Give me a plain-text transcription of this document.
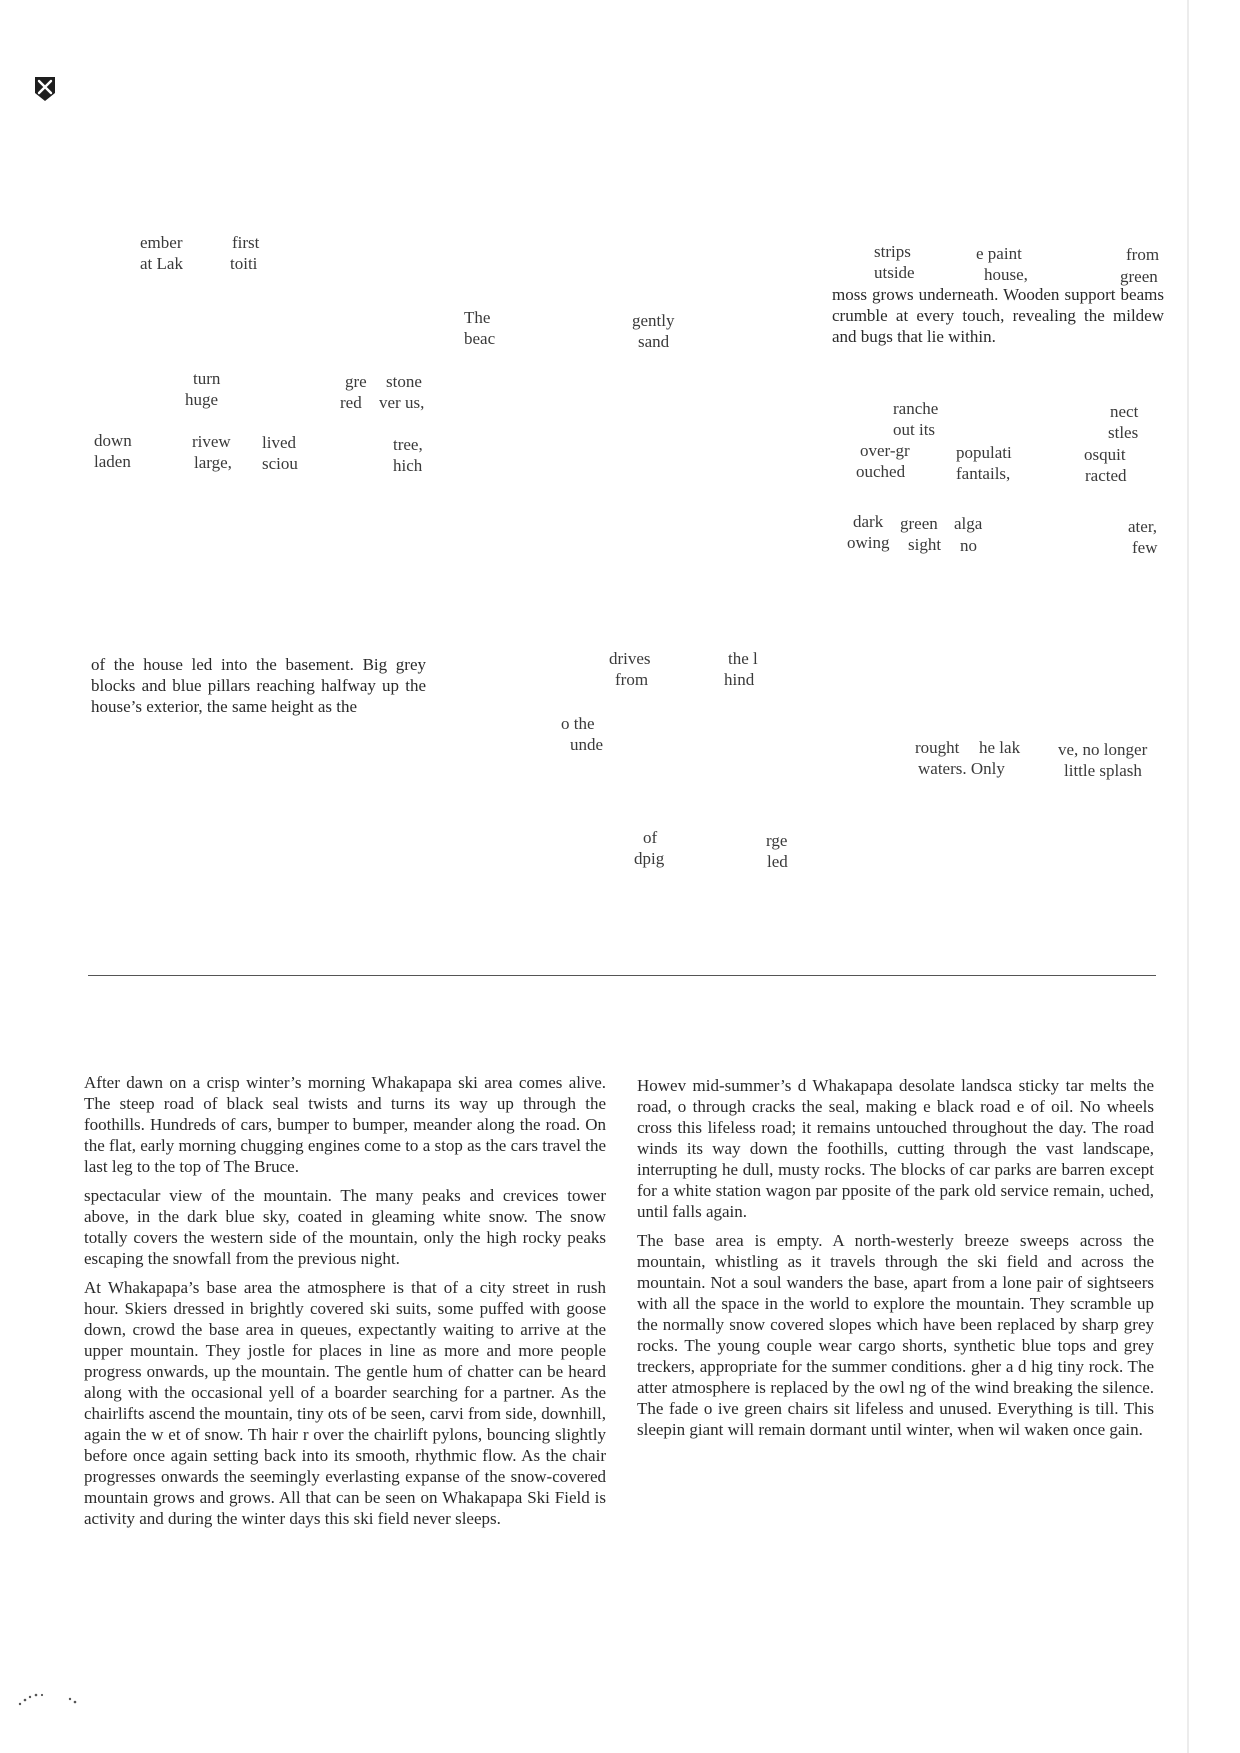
ember	first
at Lak	toiti
strips	e paint	from
utside	house,	green

moss grows underneath. Wooden support beams crumble at every touch, revealing the mildew and bugs that lie within.

The	gently
beac	sand
turn	gre stone
huge	red ver us,	ranche	nect
out its	stles
down	rivew lived	tree,
laden	large, sciou	hich
over-gr	populati	osquit
ouched	fantails,	racted
dark green alga	ater,
owing sight no	few

of the house led into the basement. Big grey blocks and blue pillars reaching halfway up the house’s exterior, the same height as the

drives	the l
from	hind
o the
unde	rought he lak ve, no longer
waters. Only	little splash
of	rge
dpig	led

After dawn on a crisp winter’s morning Whakapapa ski area comes alive. The steep road of black seal twists and turns its way up through the foothills. Hundreds of cars, bumper to bumper, meander along the road. On the flat, early morning chugging engines come to a stop as the cars travel the last leg to the top of The Bruce.

spectacular view of the mountain. The many peaks and crevices tower above, in the dark blue sky, coated in gleaming white snow. The snow totally covers the western side of the mountain, only the high rocky peaks escaping the snowfall from the previous night.

At Whakapapa’s base area the atmosphere is that of a city street in rush hour. Skiers dressed in brightly covered ski suits, some puffed with goose down, crowd the base area in queues, expectantly waiting to arrive at the upper mountain. They jostle for places in line as more and more people progress onwards, up the mountain. The gentle hum of chatter can be heard along with the occasional yell of a boarder searching for a partner. As the chairlifts ascend the mountain, tiny ots of be seen, carvi from side, downhill, again the w et of snow. Th hair r over the chairlift pylons, bouncing slightly before once again setting back into its smooth, rhythmic flow. As the chair progresses onwards the seemingly everlasting expanse of the snow-covered mountain grows and grows. All that can be seen on Whakapapa Ski Field is activity and during the winter days this ski field never sleeps.

Howev mid-summer’s d Whakapapa desolate landsca sticky tar melts the road, o through cracks the seal, making e black road e of oil. No wheels cross this lifeless road; it remains untouched throughout the day. The road winds its way down the foothills, cutting through the vast landscape, interrupting he dull, musty rocks. The blocks of car parks are barren except for a white station wagon par pposite of the park old service remain, uched, until falls again.

The base area is empty. A north-westerly breeze sweeps across the mountain, whistling as it travels through the ski field and across the mountain. Not a soul wanders the base, apart from a lone pair of sightseers with all the space in the world to explore the mountain. They scramble up the normally snow covered slopes which have been replaced by sharp grey rocks. The young couple wear cargo shorts, synthetic blue tops and grey treckers, appropriate for the summer conditions. gher a d hig tiny rock. The atter atmosphere is replaced by the owl ng of the wind breaking the silence. The fade o ive green chairs sit lifeless and unused. Everything is till. This sleepin giant will remain dormant until winter, when wil waken once gain.
